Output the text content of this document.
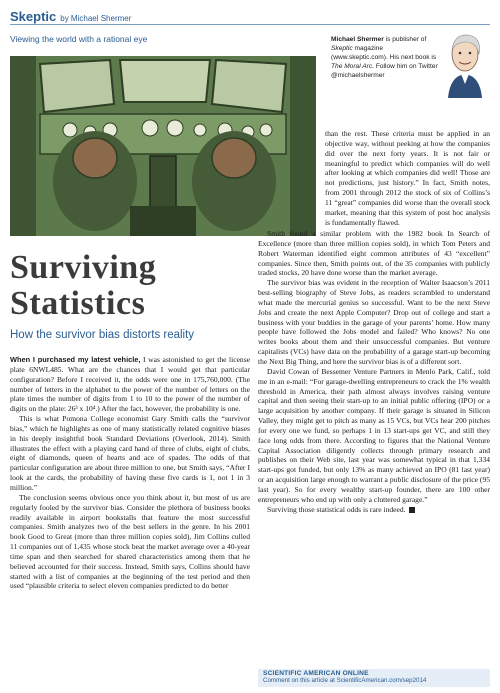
Skeptic by Michael Shermer
Viewing the world with a rational eye	Michael Shermer is publisher of Skeptic magazine (www.skeptic.com). His next book is The Moral Arc. Follow him on Twitter @michaelshermer
Surviving
Statistics
How the survivor bias distorts reality

When I purchased my latest vehicle, I was astonished to get the license plate 6NWL485. What are the chances that I would get that particular configuration? Before I received it, the odds were one in 175,760,000. (The number of letters in the alphabet to the power of the number of letters on the plate times the number of digits from 1 to 10 to the power of the number of digits on the plate: 26³ x 10⁴.) After the fact, however, the probability is one.

This is what Pomona College economist Gary Smith calls the “survivor bias,” which he highlights as one of many statistically related cognitive biases in his deeply insightful book Standard Deviations (Overlook, 2014). Smith illustrates the effect with a playing card hand of three of clubs, eight of clubs, eight of diamonds, queen of hearts and ace of spades. The odds of that particular configuration are about three million to one, but Smith says, “After I look at the cards, the probability of having these five cards is 1, not 1 in 3 million.”

The conclusion seems obvious once you think about it, but most of us are regularly fooled by the survivor bias. Consider the plethora of business books readily available in airport bookstalls that feature the most successful companies. Smith analyzes two of the best sellers in the genre. In his 2001 book Good to Great (more than three million copies sold), Jim Collins culled 11 companies out of 1,435 whose stock beat the market average over a 40-year time span and then searched for shared characteristics among them that he believed accounted for their success. Instead, Smith says, Collins should have started with a list of companies at the beginning of the test period and then used “plausible criteria to select eleven companies predicted to do better

than the rest. These criteria must be applied in an objective way, without peeking at how the companies did over the next forty years. It is not fair or meaningful to predict which companies will do well after looking at which companies did well! Those are not predictions, just history.” In fact, Smith notes, from 2001 through 2012 the stock of six of Collins’s 11 “great” companies did worse than the overall stock market, meaning that this system of post hoc analysis is fundamentally flawed.

Smith found a similar problem with the 1982 book In Search of Excellence (more than three million copies sold), in which Tom Peters and Robert Waterman identified eight common attributes of 43 “excellent” companies. Since then, Smith points out, of the 35 companies with publicly traded stocks, 20 have done worse than the market average.

The survivor bias was evident in the reception of Walter Isaacson’s 2011 best-selling biography of Steve Jobs, as readers scrambled to understand what made the mercurial genius so successful. Want to be the next Steve Jobs and create the next Apple Computer? Drop out of college and start a business with your buddies in the garage of your parents’ home. How many people have followed the Jobs model and failed? Who knows? No one writes books about them and their unsuccessful companies. But venture capitalists (VCs) have data on the probability of a garage start-up becoming the Next Big Thing, and here the survivor bias is of a different sort.

David Cowan of Bessemer Venture Partners in Menlo Park, Calif., told me in an e-mail: “For garage-dwelling entrepreneurs to crack the 1% wealth threshold in America, their path almost always involves raising venture capital and then seeing their start-up to an initial public offering (IPO) or a large acquisition by another company. If their garage is situated in Silicon Valley, they might get to pitch as many as 15 VCs, but VCs hear 200 pitches for every one we fund, so perhaps 1 in 13 start-ups get VC, and still they face long odds from there. According to figures that the National Venture Capital Association diligently collects through primary research and publishes on their Web site, last year was somewhat typical in that 1,334 start-ups got funded, but only 13% as many achieved an IPO (81 last year) or an acquisition large enough to warrant a public disclosure of the price (95 last year). So for every wealthy start-up founder, there are 100 other entrepreneurs who end up with only a cluttered garage.”

Surviving those statistical odds is rare indeed.

SCIENTIFIC AMERICAN ONLINE
Comment on this article at ScientificAmerican.com/sep2014
